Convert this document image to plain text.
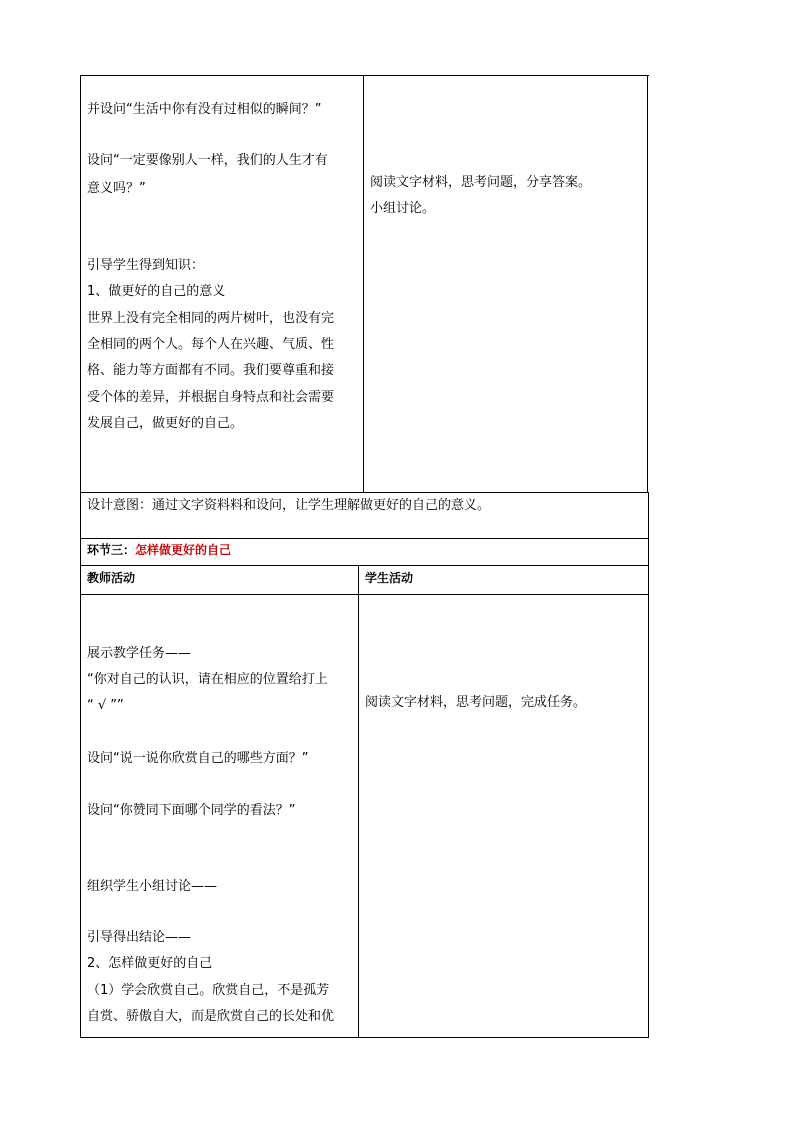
并设问“生活中你有没有过相似的瞬间？”
设问“一定要像别人一样，我们的人生才有
意义吗？”
引导学生得到知识：
1、做更好的自己的意义
世界上没有完全相同的两片树叶，也没有完
全相同的两个人。每个人在兴趣、气质、性
格、能力等方面都有不同。我们要尊重和接
受个体的差异，并根据自身特点和社会需要
发展自己，做更好的自己。
阅读文字材料，思考问题，分享答案。
小组讨论。
设计意图：通过文字资料料和设问，让学生理解做更好的自己的意义。
环节三：怎样做更好的自己
教师活动	学生活动
展示教学任务——
“你对自己的认识，请在相应的位置给打上
“ √ ””
设问“说一说你欣赏自己的哪些方面？”
设问“你赞同下面哪个同学的看法？”
组织学生小组讨论——
引导得出结论——
2、怎样做更好的自己
（1）学会欣赏自己。欣赏自己，不是孤芳
自赏、骄傲自大，而是欣赏自己的长处和优
阅读文字材料，思考问题，完成任务。
